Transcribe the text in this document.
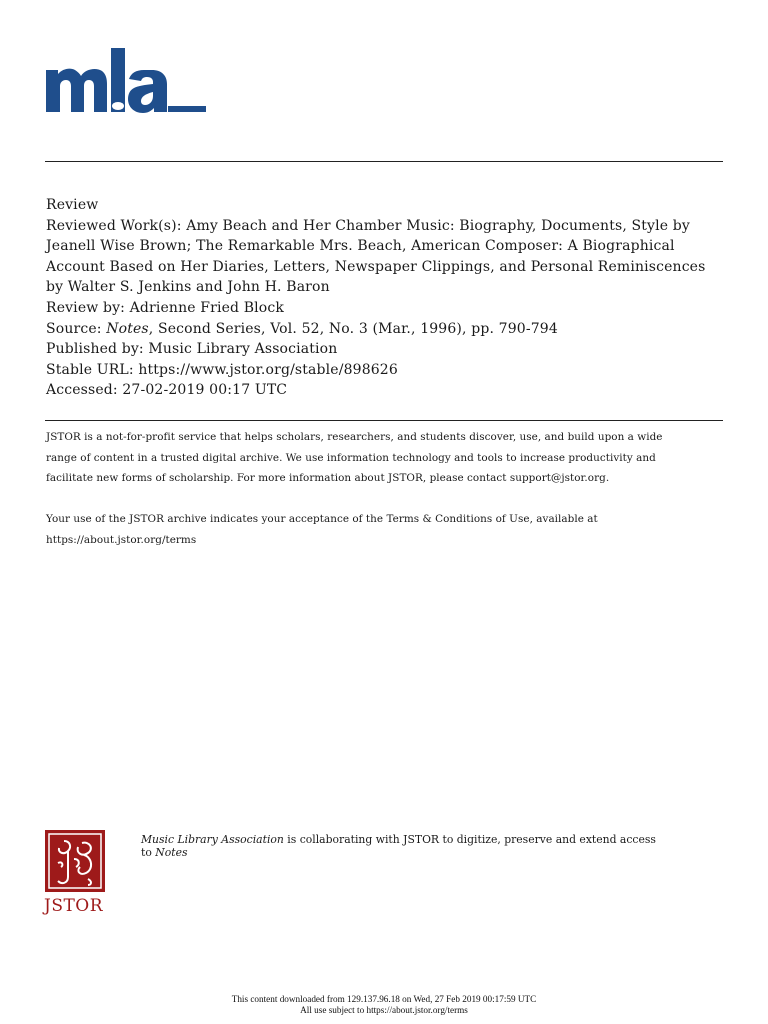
Review
Reviewed Work(s): Amy Beach and Her Chamber Music: Biography, Documents, Style by
Jeanell Wise Brown; The Remarkable Mrs. Beach, American Composer: A Biographical
Account Based on Her Diaries, Letters, Newspaper Clippings, and Personal Reminiscences
by Walter S. Jenkins and John H. Baron
Review by: Adrienne Fried Block
Source: Notes, Second Series, Vol. 52, No. 3 (Mar., 1996), pp. 790-794
Published by: Music Library Association
Stable URL: https://www.jstor.org/stable/898626
Accessed: 27-02-2019 00:17 UTC
JSTOR is a not-for-profit service that helps scholars, researchers, and students discover, use, and build upon a wide
range of content in a trusted digital archive. We use information technology and tools to increase productivity and
facilitate new forms of scholarship. For more information about JSTOR, please contact support@jstor.org.
Your use of the JSTOR archive indicates your acceptance of the Terms & Conditions of Use, available at
https://about.jstor.org/terms
JSTOR
Music Library Association is collaborating with JSTOR to digitize, preserve and extend access
to Notes
This content downloaded from 129.137.96.18 on Wed, 27 Feb 2019 00:17:59 UTC
All use subject to https://about.jstor.org/terms
